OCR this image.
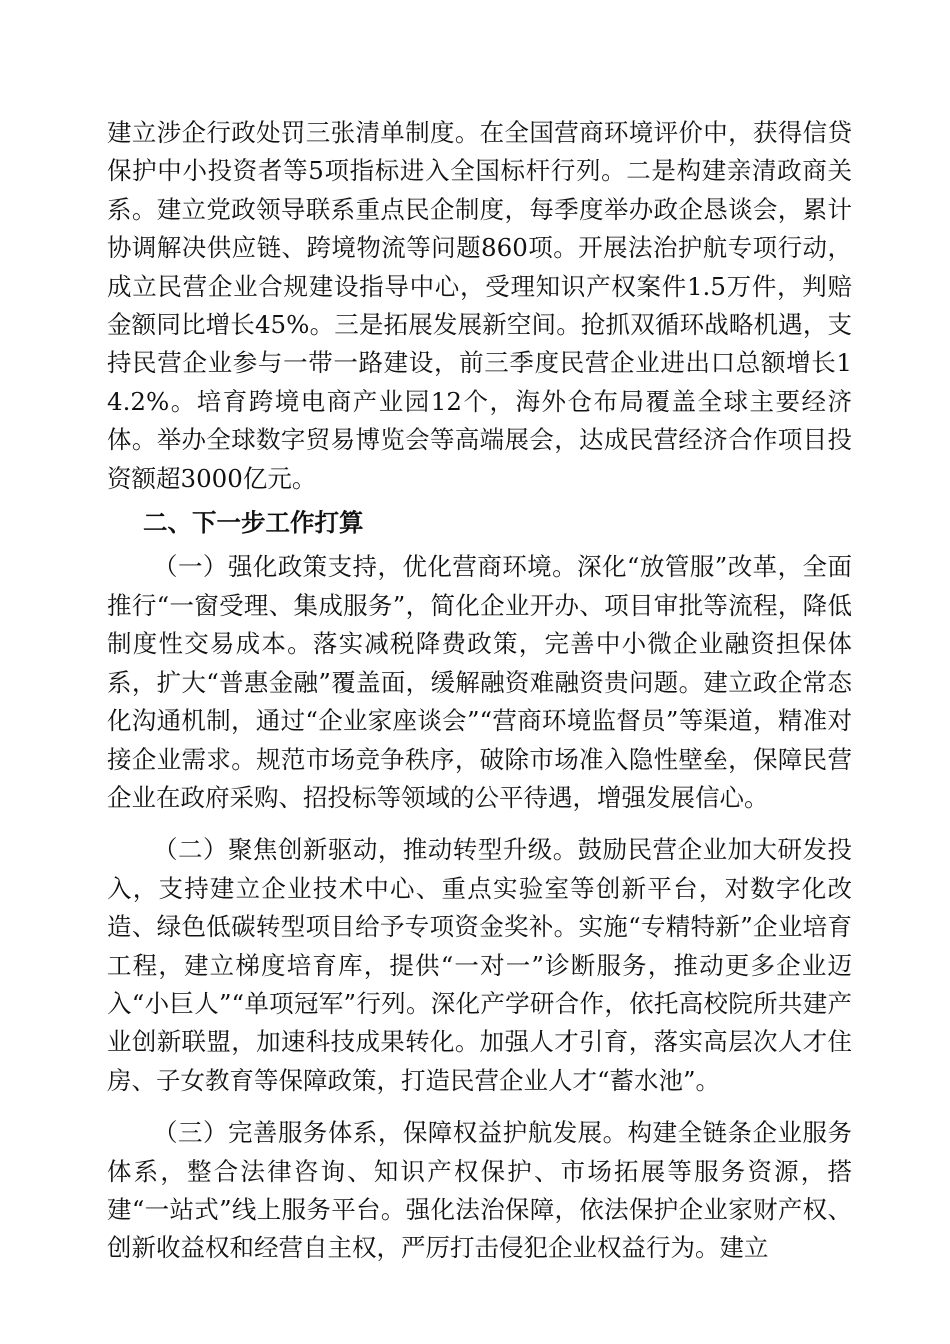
建立涉企行政处罚三张清单制度。在全国营商环境评价中，获得信贷保护中小投资者等5项指标进入全国标杆行列。二是构建亲清政商关系。建立党政领导联系重点民企制度，每季度举办政企恳谈会，累计协调解决供应链、跨境物流等问题860项。开展法治护航专项行动，成立民营企业合规建设指导中心，受理知识产权案件1.5万件，判赔金额同比增长45%。三是拓展发展新空间。抢抓双循环战略机遇，支持民营企业参与一带一路建设，前三季度民营企业进出口总额增长14.2%。培育跨境电商产业园12个，海外仓布局覆盖全球主要经济体。举办全球数字贸易博览会等高端展会，达成民营经济合作项目投资额超3000亿元。

二、下一步工作打算

（一）强化政策支持，优化营商环境。深化“放管服”改革，全面推行“一窗受理、集成服务”，简化企业开办、项目审批等流程，降低制度性交易成本。落实减税降费政策，完善中小微企业融资担保体系，扩大“普惠金融”覆盖面，缓解融资难融资贵问题。建立政企常态化沟通机制，通过“企业家座谈会”“营商环境监督员”等渠道，精准对接企业需求。规范市场竞争秩序，破除市场准入隐性壁垒，保障民营企业在政府采购、招投标等领域的公平待遇，增强发展信心。

（二）聚焦创新驱动，推动转型升级。鼓励民营企业加大研发投入，支持建立企业技术中心、重点实验室等创新平台，对数字化改造、绿色低碳转型项目给予专项资金奖补。实施“专精特新”企业培育工程，建立梯度培育库，提供“一对一”诊断服务，推动更多企业迈入“小巨人”“单项冠军”行列。深化产学研合作，依托高校院所共建产业创新联盟，加速科技成果转化。加强人才引育，落实高层次人才住房、子女教育等保障政策，打造民营企业人才“蓄水池”。

（三）完善服务体系，保障权益护航发展。构建全链条企业服务体系，整合法律咨询、知识产权保护、市场拓展等服务资源，搭建“一站式”线上服务平台。强化法治保障，依法保护企业家财产权、创新收益权和经营自主权，严厉打击侵犯企业权益行为。建立
